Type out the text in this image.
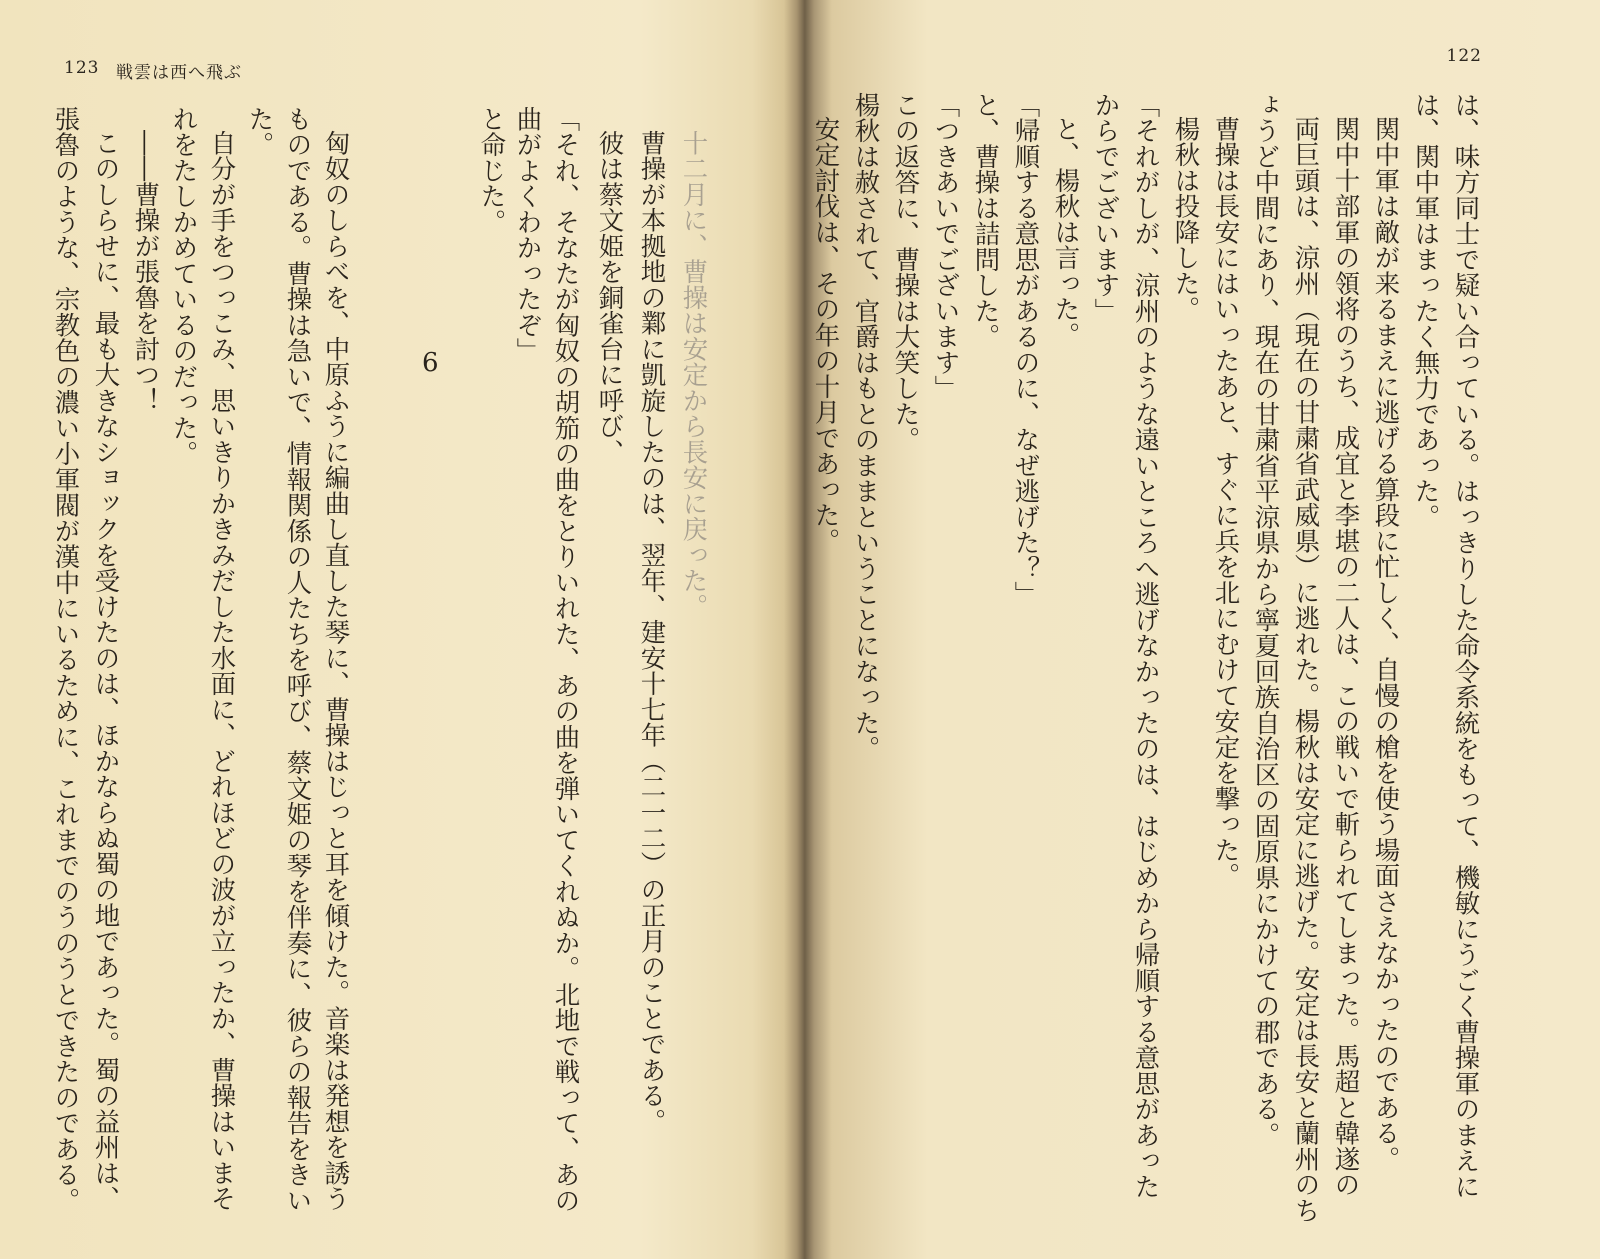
123 戦雲は西へ飛ぶ
6	十二月に、曹操は安定から長安に戻った。
曹操が本拠地の鄴に凱旋したのは、翌年、建安十七年（二一二）の正月のことである。
彼は蔡文姫を銅雀台に呼び、
「それ、そなたが匈奴の胡笳の曲をとりいれた、あの曲を弾いてくれぬか。北地で戦って、あの
曲がよくわかったぞ」
と命じた。
匈奴のしらべを、中原ふうに編曲し直した琴に、曹操はじっと耳を傾けた。音楽は発想を誘う
ものである。曹操は急いで、情報関係の人たちを呼び、蔡文姫の琴を伴奏に、彼らの報告をきい
た。
自分が手をつっこみ、思いきりかきみだした水面に、どれほどの波が立ったか、曹操はいまそ
れをたしかめているのだった。
――曹操が張魯を討つ！
このしらせに、最も大きなショックを受けたのは、ほかならぬ蜀の地であった。蜀の益州は、
張魯のような、宗教色の濃い小軍閥が漢中にいるために、これまでのうのうとできたのである。
122
は、味方同士で疑い合っている。はっきりした命令系統をもって、機敏にうごく曹操軍のまえに
は、関中軍はまったく無力であった。
関中軍は敵が来るまえに逃げる算段に忙しく、自慢の槍を使う場面さえなかったのである。
関中十部軍の領将のうち、成宜と李堪の二人は、この戦いで斬られてしまった。馬超と韓遂の
両巨頭は、涼州（現在の甘粛省武威県）に逃れた。楊秋は安定に逃げた。安定は長安と蘭州のち
ょうど中間にあり、現在の甘粛省平涼県から寧夏回族自治区の固原県にかけての郡である。
曹操は長安にはいったあと、すぐに兵を北にむけて安定を撃った。
楊秋は投降した。
「それがしが、涼州のような遠いところへ逃げなかったのは、はじめから帰順する意思があった
からでございます」
と、楊秋は言った。
「帰順する意思があるのに、なぜ逃げた？」
と、曹操は詰問した。
「つきあいでございます」
この返答に、曹操は大笑した。
楊秋は赦されて、官爵はもとのままということになった。
安定討伐は、その年の十月であった。
